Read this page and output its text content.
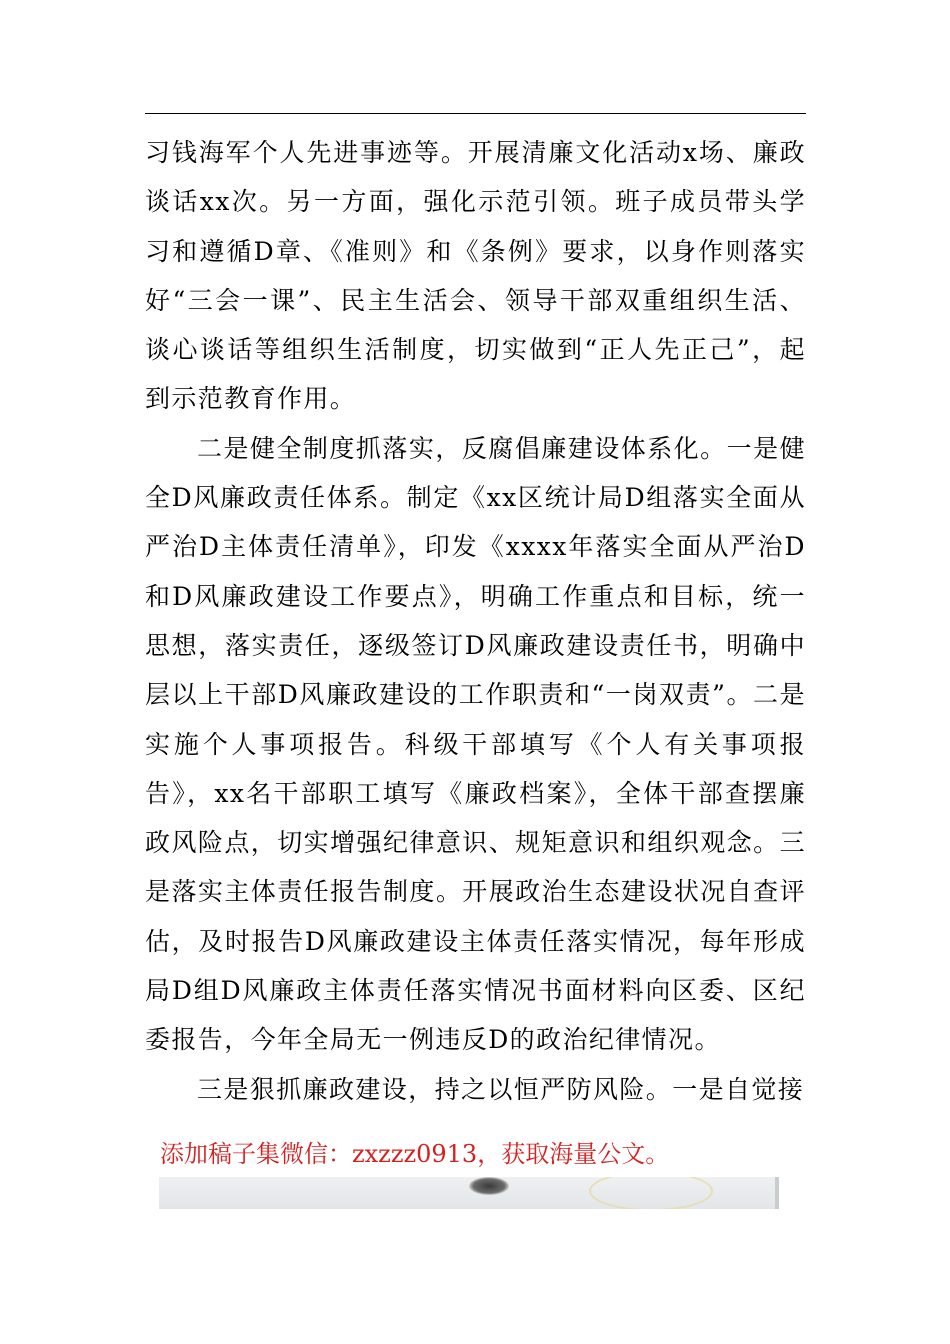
习钱海军个人先进事迹等。开展清廉文化活动x场、廉政谈话xx次。另一方面，强化示范引领。班子成员带头学习和遵循D章、《准则》和《条例》要求，以身作则落实好“三会一课”、民主生活会、领导干部双重组织生活、谈心谈话等组织生活制度，切实做到“正人先正己”，起到示范教育作用。

二是健全制度抓落实，反腐倡廉建设体系化。一是健全D风廉政责任体系。制定《xx区统计局D组落实全面从严治D主体责任清单》，印发《xxxx年落实全面从严治D和D风廉政建设工作要点》，明确工作重点和目标，统一思想，落实责任，逐级签订D风廉政建设责任书，明确中层以上干部D风廉政建设的工作职责和“一岗双责”。二是实施个人事项报告。科级干部填写《个人有关事项报告》，xx名干部职工填写《廉政档案》，全体干部查摆廉政风险点，切实增强纪律意识、规矩意识和组织观念。三是落实主体责任报告制度。开展政治生态建设状况自查评估，及时报告D风廉政建设主体责任落实情况，每年形成局D组D风廉政主体责任落实情况书面材料向区委、区纪委报告，今年全局无一例违反D的政治纪律情况。

三是狠抓廉政建设，持之以恒严防风险。一是自觉接

添加稿子集微信：zxzzz0913，获取海量公文。
